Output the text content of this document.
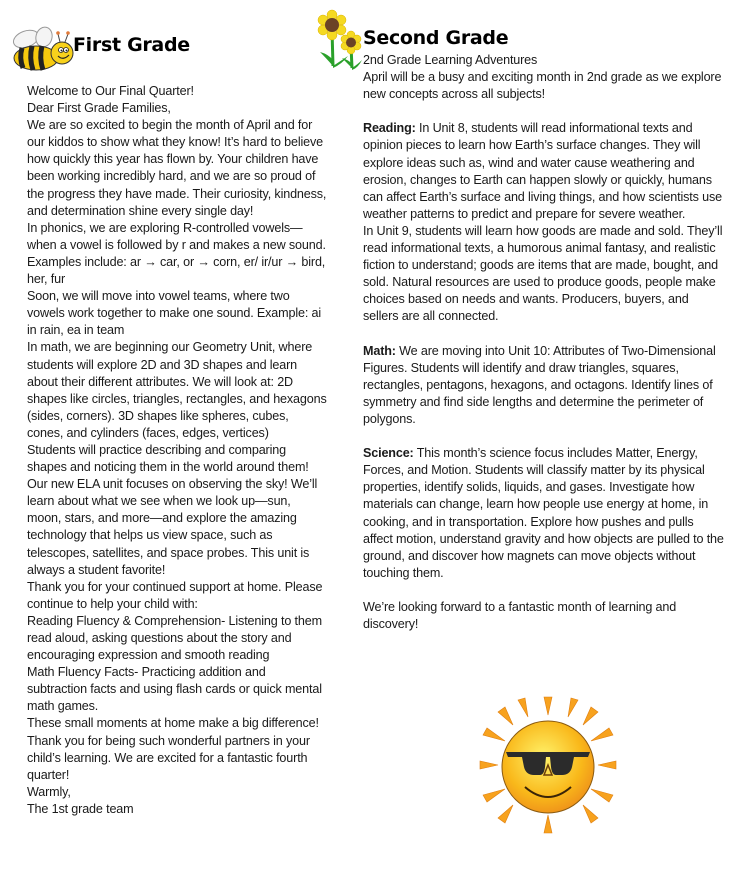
First Grade	Second Grade

Welcome to Our Final Quarter!

Dear First Grade Families,

We are so excited to begin the month of April and for our kiddos to show what they know! It’s hard to believe how quickly this year has flown by. Your children have been working incredibly hard, and we are so proud of the progress they have made. Their curiosity, kindness, and determination shine every single day!

In phonics, we are exploring R-controlled vowels—when a vowel is followed by r and makes a new sound. Examples include: ar → car, or → corn, er/ ir/ur → bird, her, fur

Soon, we will move into vowel teams, where two vowels work together to make one sound. Example: ai in rain, ea in team

In math, we are beginning our Geometry Unit, where students will explore 2D and 3D shapes and learn about their different attributes. We will look at: 2D shapes like circles, triangles, rectangles, and hexagons (sides, corners). 3D shapes like spheres, cubes, cones, and cylinders (faces, edges, vertices)

Students will practice describing and comparing shapes and noticing them in the world around them!

Our new ELA unit focuses on observing the sky! We’ll learn about what we see when we look up—sun, moon, stars, and more—and explore the amazing technology that helps us view space, such as telescopes, satellites, and space probes. This unit is always a student favorite!

Thank you for your continued support at home. Please continue to help your child with:

Reading Fluency & Comprehension- Listening to them read aloud, asking questions about the story and encouraging expression and smooth reading

Math Fluency Facts- Practicing addition and subtraction facts and using flash cards or quick mental math games.

These small moments at home make a big difference!

Thank you for being such wonderful partners in your child’s learning. We are excited for a fantastic fourth quarter!

Warmly,

The 1st grade team

2nd Grade Learning Adventures

April will be a busy and exciting month in 2nd grade as we explore new concepts across all subjects!

Reading: In Unit 8, students will read informational texts and opinion pieces to learn how Earth’s surface changes. They will explore ideas such as, wind and water cause weathering and erosion, changes to Earth can happen slowly or quickly, humans can affect Earth’s surface and living things, and how scientists use weather patterns to predict and prepare for severe weather.

In Unit 9, students will learn how goods are made and sold. They’ll read informational texts, a humorous animal fantasy, and realistic fiction to understand; goods are items that are made, bought, and sold. Natural resources are used to produce goods, people make choices based on needs and wants. Producers, buyers, and sellers are all connected.

Math: We are moving into Unit 10: Attributes of Two-Dimensional Figures. Students will identify and draw triangles, squares, rectangles, pentagons, hexagons, and octagons. Identify lines of symmetry and find side lengths and determine the perimeter of polygons.

Science: This month’s science focus includes Matter, Energy, Forces, and Motion. Students will classify matter by its physical properties, identify solids, liquids, and gases. Investigate how materials can change, learn how people use energy at home, in cooking, and in transportation. Explore how pushes and pulls affect motion, understand gravity and how objects are pulled to the ground, and discover how magnets can move objects without touching them.

We’re looking forward to a fantastic month of learning and discovery!
